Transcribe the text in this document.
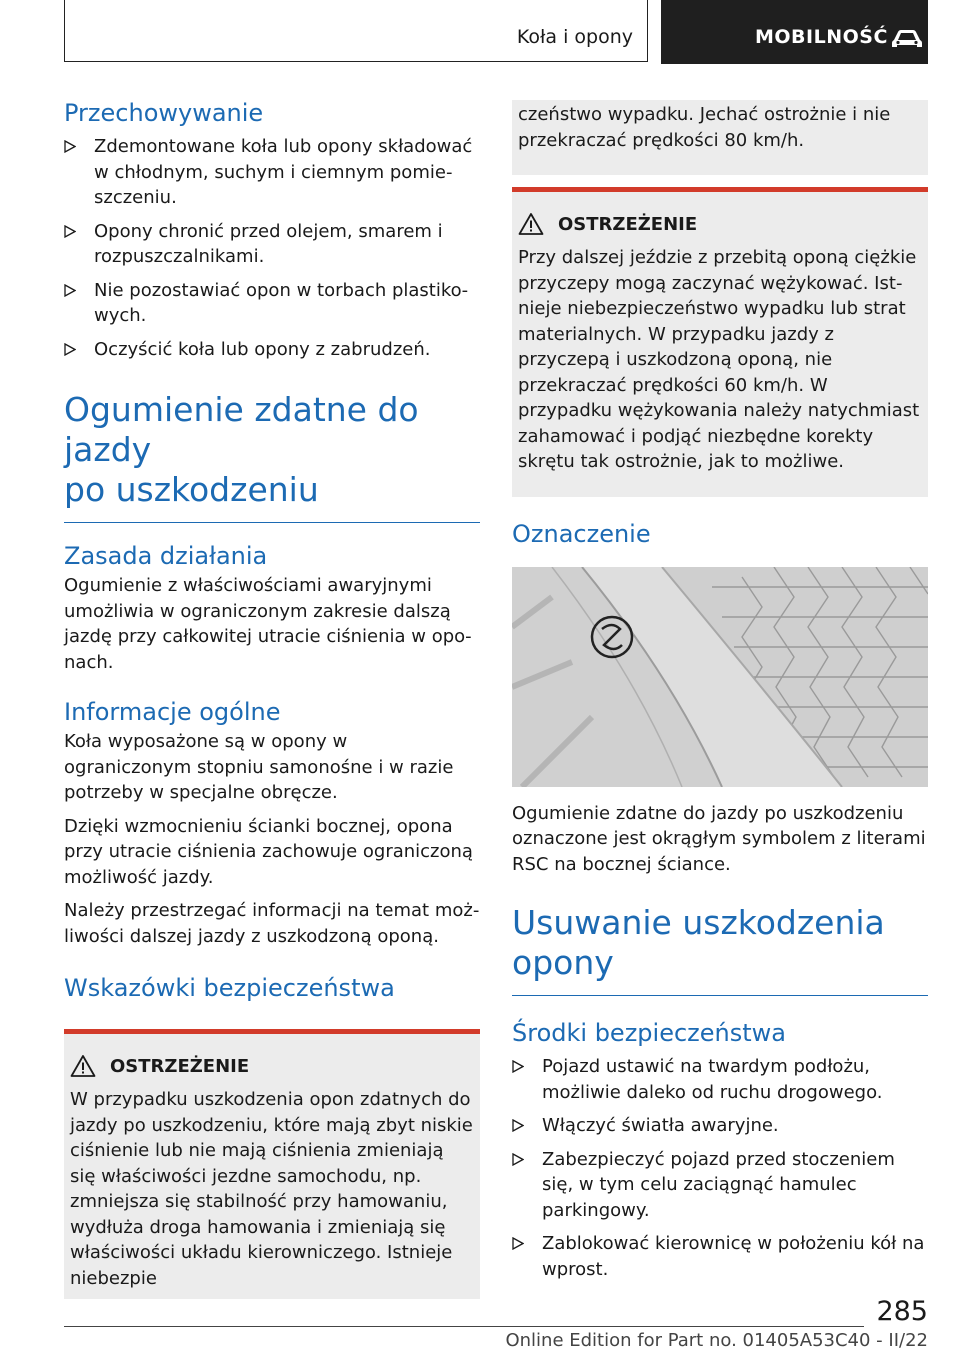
Koła i opony	MOBILNOŚĆ
Przechowywanie
Zdemontowane koła lub opony składować w chłodnym, suchym i ciemnym pomieszczeniu.
Opony chronić przed olejem, smarem i rozpuszczalnikami.
Nie pozostawiać opon w torbach plastikowych.
Oczyścić koła lub opony z zabrudzeń.
Ogumienie zdatne do jazdy
po uszkodzeniu
Zasada działania

Ogumienie z właściwościami awaryjnymi umożliwia w ograniczonym zakresie dalszą jazdę przy całkowitej utracie ciśnienia w oponach.

Informacje ogólne

Koła wyposażone są w opony w ograniczonym stopniu samonośne i w razie potrzeby w specjalne obręcze.

Dzięki wzmocnieniu ścianki bocznej, opona przy utracie ciśnienia zachowuje ograniczoną możliwość jazdy.

Należy przestrzegać informacji na temat możliwości dalszej jazdy z uszkodzoną oponą.

Wskazówki bezpieczeństwa
OSTRZEŻENIE

W przypadku uszkodzenia opon zdatnych do jazdy po uszkodzeniu, które mają zbyt niskie ciśnienie lub nie mają ciśnienia zmieniają się właściwości jezdne samochodu, np. zmniejsza się stabilność przy hamowaniu, wydłuża droga hamowania i zmieniają się właściwości układu kierowniczego. Istnieje niebezpie

czeństwo wypadku. Jechać ostrożnie i nie przekraczać prędkości 80 km/h.

OSTRZEŻENIE

Przy dalszej jeździe z przebitą oponą ciężkie przyczepy mogą zaczynać wężykować. Istnieje niebezpieczeństwo wypadku lub strat materialnych. W przypadku jazdy z przyczepą i uszkodzoną oponą, nie przekraczać prędkości 60 km/h. W przypadku wężykowania należy natychmiast zahamować i podjąć niezbędne korekty skrętu tak ostrożnie, jak to możliwe.

Oznaczenie

Ogumienie zdatne do jazdy po uszkodzeniu oznaczone jest okrągłym symbolem z literami RSC na bocznej ściance.

Usuwanie uszkodzenia
opony
Środki bezpieczeństwa
Pojazd ustawić na twardym podłożu, możliwie daleko od ruchu drogowego.
Włączyć światła awaryjne.
Zabezpieczyć pojazd przed stoczeniem się, w tym celu zaciągnąć hamulec parkingowy.
Zablokować kierownicę w położeniu kół na wprost.
285
Online Edition for Part no. 01405A53C40 - II/22
